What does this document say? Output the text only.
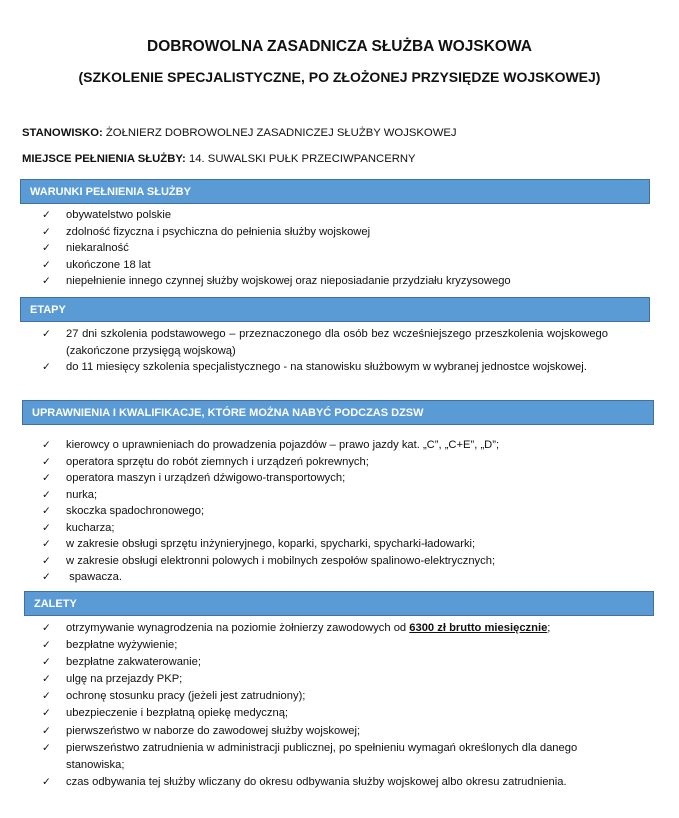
DOBROWOLNA ZASADNICZA SŁUŻBA WOJSKOWA
(SZKOLENIE SPECJALISTYCZNE, PO ZŁOŻONEJ PRZYSIĘDZE WOJSKOWEJ)
STANOWISKO: ŻOŁNIERZ DOBROWOLNEJ ZASADNICZEJ SŁUŻBY WOJSKOWEJ
MIEJSCE PEŁNIENIA SŁUŻBY: 14. SUWALSKI PUŁK PRZECIWPANCERNY
WARUNKI PEŁNIENIA SŁUŻBY
✓ obywatelstwo polskie
✓ zdolność fizyczna i psychiczna do pełnienia służby wojskowej
✓ niekaralność
✓ ukończone 18 lat
✓ niepełnienie innego czynnej służby wojskowej oraz nieposiadanie przydziału kryzysowego
ETAPY
✓ 27 dni szkolenia podstawowego – przeznaczonego dla osób bez wcześniejszego przeszkolenia wojskowego (zakończone przysięgą wojskową)
✓ do 11 miesięcy szkolenia specjalistycznego - na stanowisku służbowym w wybranej jednostce wojskowej.
UPRAWNIENIA I KWALIFIKACJE, KTÓRE MOŻNA NABYĆ PODCZAS DZSW
✓ kierowcy o uprawnieniach do prowadzenia pojazdów – prawo jazdy kat. „C”, „C+E”, „D”;
✓ operatora sprzętu do robót ziemnych i urządzeń pokrewnych;
✓ operatora maszyn i urządzeń dźwigowo-transportowych;
✓ nurka;
✓ skoczka spadochronowego;
✓ kucharza;
✓ w zakresie obsługi sprzętu inżynieryjnego, koparki, spycharki, spycharki-ładowarki;
✓ w zakresie obsługi elektronni polowych i mobilnych zespołów spalinowo-elektrycznych;
✓ spawacza.
ZALETY
✓ otrzymywanie wynagrodzenia na poziomie żołnierzy zawodowych od 6300 zł brutto miesięcznie;
✓ bezpłatne wyżywienie;
✓ bezpłatne zakwaterowanie;
✓ ulgę na przejazdy PKP;
✓ ochronę stosunku pracy (jeżeli jest zatrudniony);
✓ ubezpieczenie i bezpłatną opiekę medyczną;
✓ pierwszeństwo w naborze do zawodowej służby wojskowej;
✓ pierwszeństwo zatrudnienia w administracji publicznej, po spełnieniu wymagań określonych dla danego stanowiska;
✓ czas odbywania tej służby wliczany do okresu odbywania służby wojskowej albo okresu zatrudnienia.
